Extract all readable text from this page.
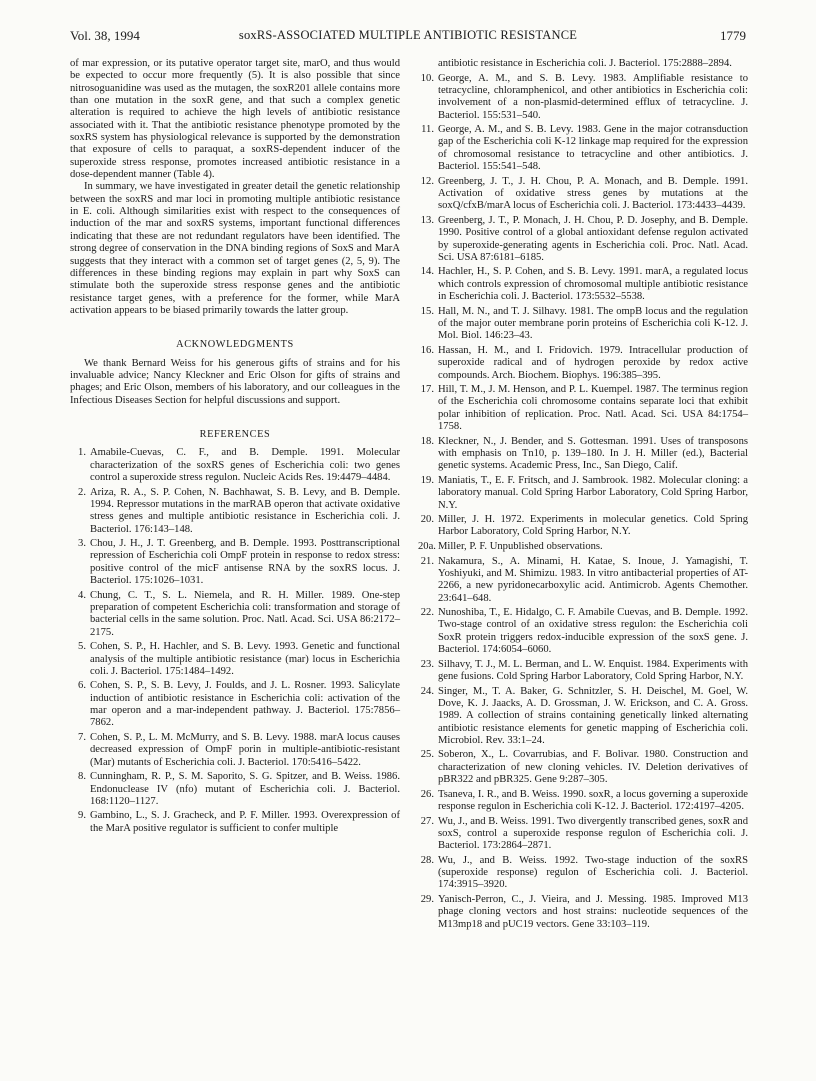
Vol. 38, 1994	soxRS-ASSOCIATED MULTIPLE ANTIBIOTIC RESISTANCE	1779

of mar expression, or its putative operator target site, marO, and thus would be expected to occur more frequently (5). It is also possible that since nitrosoguanidine was used as the mutagen, the soxR201 allele contains more than one mutation in the soxR gene, and that such a complex genetic alteration is required to achieve the high levels of antibiotic resistance associated with it. That the antibiotic resistance phenotype promoted by the soxRS system has physiological relevance is supported by the demonstration that exposure of cells to paraquat, a soxRS-dependent inducer of the superoxide stress response, promotes increased antibiotic resistance in a dose-dependent manner (Table 4).

In summary, we have investigated in greater detail the genetic relationship between the soxRS and mar loci in promoting multiple antibiotic resistance in E. coli. Although similarities exist with respect to the consequences of induction of the mar and soxRS systems, important functional differences indicating that these are not redundant regulators have been identified. The strong degree of conservation in the DNA binding regions of SoxS and MarA suggests that they interact with a common set of target genes (2, 5, 9). The differences in these binding regions may explain in part why SoxS can stimulate both the superoxide stress response genes and the antibiotic resistance target genes, with a preference for the former, while MarA activation appears to be biased primarily towards the latter group.

ACKNOWLEDGMENTS

We thank Bernard Weiss for his generous gifts of strains and for his invaluable advice; Nancy Kleckner and Eric Olson for gifts of strains and phages; and Eric Olson, members of his laboratory, and our colleagues in the Infectious Diseases Section for helpful discussions and support.

REFERENCES
1. Amabile-Cuevas, C. F., and B. Demple. 1991. Molecular characterization of the soxRS genes of Escherichia coli: two genes control a superoxide stress regulon. Nucleic Acids Res. 19:4479–4484.
2. Ariza, R. A., S. P. Cohen, N. Bachhawat, S. B. Levy, and B. Demple. 1994. Repressor mutations in the marRAB operon that activate oxidative stress genes and multiple antibiotic resistance in Escherichia coli. J. Bacteriol. 176:143–148.
3. Chou, J. H., J. T. Greenberg, and B. Demple. 1993. Posttranscriptional repression of Escherichia coli OmpF protein in response to redox stress: positive control of the micF antisense RNA by the soxRS locus. J. Bacteriol. 175:1026–1031.
4. Chung, C. T., S. L. Niemela, and R. H. Miller. 1989. One-step preparation of competent Escherichia coli: transformation and storage of bacterial cells in the same solution. Proc. Natl. Acad. Sci. USA 86:2172–2175.
5. Cohen, S. P., H. Hachler, and S. B. Levy. 1993. Genetic and functional analysis of the multiple antibiotic resistance (mar) locus in Escherichia coli. J. Bacteriol. 175:1484–1492.
6. Cohen, S. P., S. B. Levy, J. Foulds, and J. L. Rosner. 1993. Salicylate induction of antibiotic resistance in Escherichia coli: activation of the mar operon and a mar-independent pathway. J. Bacteriol. 175:7856–7862.
7. Cohen, S. P., L. M. McMurry, and S. B. Levy. 1988. marA locus causes decreased expression of OmpF porin in multiple-antibiotic-resistant (Mar) mutants of Escherichia coli. J. Bacteriol. 170:5416–5422.
8. Cunningham, R. P., S. M. Saporito, S. G. Spitzer, and B. Weiss. 1986. Endonuclease IV (nfo) mutant of Escherichia coli. J. Bacteriol. 168:1120–1127.
9. Gambino, L., S. J. Gracheck, and P. F. Miller. 1993. Overexpression of the MarA positive regulator is sufficient to confer multiple
antibiotic resistance in Escherichia coli. J. Bacteriol. 175:2888–2894.
10. George, A. M., and S. B. Levy. 1983. Amplifiable resistance to tetracycline, chloramphenicol, and other antibiotics in Escherichia coli: involvement of a non-plasmid-determined efflux of tetracycline. J. Bacteriol. 155:531–540.
11. George, A. M., and S. B. Levy. 1983. Gene in the major cotransduction gap of the Escherichia coli K-12 linkage map required for the expression of chromosomal resistance to tetracycline and other antibiotics. J. Bacteriol. 155:541–548.
12. Greenberg, J. T., J. H. Chou, P. A. Monach, and B. Demple. 1991. Activation of oxidative stress genes by mutations at the soxQ/cfxB/marA locus of Escherichia coli. J. Bacteriol. 173:4433–4439.
13. Greenberg, J. T., P. Monach, J. H. Chou, P. D. Josephy, and B. Demple. 1990. Positive control of a global antioxidant defense regulon activated by superoxide-generating agents in Escherichia coli. Proc. Natl. Acad. Sci. USA 87:6181–6185.
14. Hachler, H., S. P. Cohen, and S. B. Levy. 1991. marA, a regulated locus which controls expression of chromosomal multiple antibiotic resistance in Escherichia coli. J. Bacteriol. 173:5532–5538.
15. Hall, M. N., and T. J. Silhavy. 1981. The ompB locus and the regulation of the major outer membrane porin proteins of Escherichia coli K-12. J. Mol. Biol. 146:23–43.
16. Hassan, H. M., and I. Fridovich. 1979. Intracellular production of superoxide radical and of hydrogen peroxide by redox active compounds. Arch. Biochem. Biophys. 196:385–395.
17. Hill, T. M., J. M. Henson, and P. L. Kuempel. 1987. The terminus region of the Escherichia coli chromosome contains separate loci that exhibit polar inhibition of replication. Proc. Natl. Acad. Sci. USA 84:1754–1758.
18. Kleckner, N., J. Bender, and S. Gottesman. 1991. Uses of transposons with emphasis on Tn10, p. 139–180. In J. H. Miller (ed.), Bacterial genetic systems. Academic Press, Inc., San Diego, Calif.
19. Maniatis, T., E. F. Fritsch, and J. Sambrook. 1982. Molecular cloning: a laboratory manual. Cold Spring Harbor Laboratory, Cold Spring Harbor, N.Y.
20. Miller, J. H. 1972. Experiments in molecular genetics. Cold Spring Harbor Laboratory, Cold Spring Harbor, N.Y.
20a. Miller, P. F. Unpublished observations.
21. Nakamura, S., A. Minami, H. Katae, S. Inoue, J. Yamagishi, T. Yoshiyuki, and M. Shimizu. 1983. In vitro antibacterial properties of AT-2266, a new pyridonecarboxylic acid. Antimicrob. Agents Chemother. 23:641–648.
22. Nunoshiba, T., E. Hidalgo, C. F. Amabile Cuevas, and B. Demple. 1992. Two-stage control of an oxidative stress regulon: the Escherichia coli SoxR protein triggers redox-inducible expression of the soxS gene. J. Bacteriol. 174:6054–6060.
23. Silhavy, T. J., M. L. Berman, and L. W. Enquist. 1984. Experiments with gene fusions. Cold Spring Harbor Laboratory, Cold Spring Harbor, N.Y.
24. Singer, M., T. A. Baker, G. Schnitzler, S. H. Deischel, M. Goel, W. Dove, K. J. Jaacks, A. D. Grossman, J. W. Erickson, and C. A. Gross. 1989. A collection of strains containing genetically linked alternating antibiotic resistance elements for genetic mapping of Escherichia coli. Microbiol. Rev. 33:1–24.
25. Soberon, X., L. Covarrubias, and F. Bolivar. 1980. Construction and characterization of new cloning vehicles. IV. Deletion derivatives of pBR322 and pBR325. Gene 9:287–305.
26. Tsaneva, I. R., and B. Weiss. 1990. soxR, a locus governing a superoxide response regulon in Escherichia coli K-12. J. Bacteriol. 172:4197–4205.
27. Wu, J., and B. Weiss. 1991. Two divergently transcribed genes, soxR and soxS, control a superoxide response regulon of Escherichia coli. J. Bacteriol. 173:2864–2871.
28. Wu, J., and B. Weiss. 1992. Two-stage induction of the soxRS (superoxide response) regulon of Escherichia coli. J. Bacteriol. 174:3915–3920.
29. Yanisch-Perron, C., J. Vieira, and J. Messing. 1985. Improved M13 phage cloning vectors and host strains: nucleotide sequences of the M13mp18 and pUC19 vectors. Gene 33:103–119.
